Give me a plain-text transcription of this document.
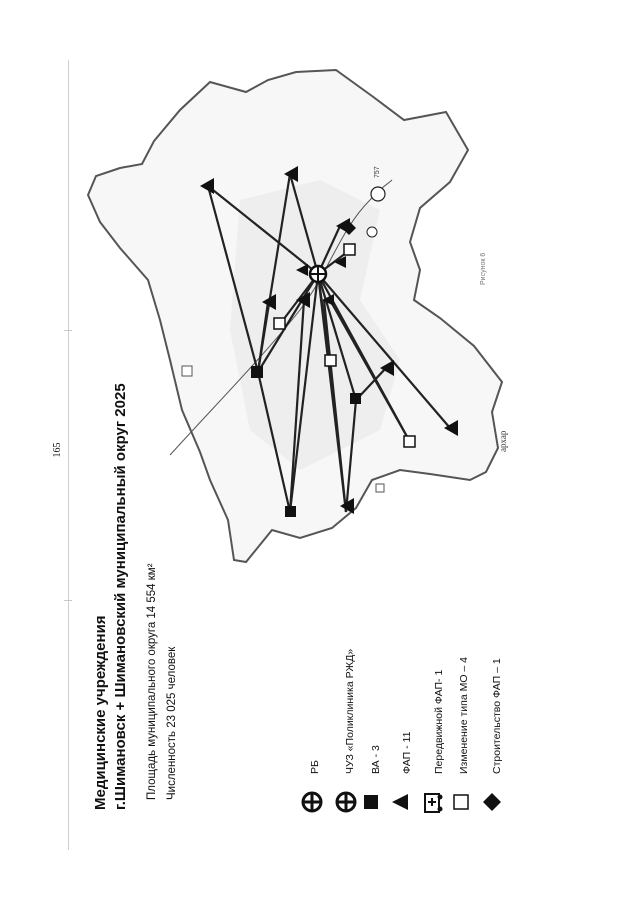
165
Медицинские учреждения г.Шимановск + Шимановский муниципальный округ 2025 Площадь муниципального округа 14 554 км² Численность 23 025 человек	РБ ЧУЗ «Поликлиника РЖД» ВА - 3 ФАП - 11 Передвижной ФАП- 1 Изменение типа МО – 4 Строительство ФАП – 1
Рисунок 6
архар
757
